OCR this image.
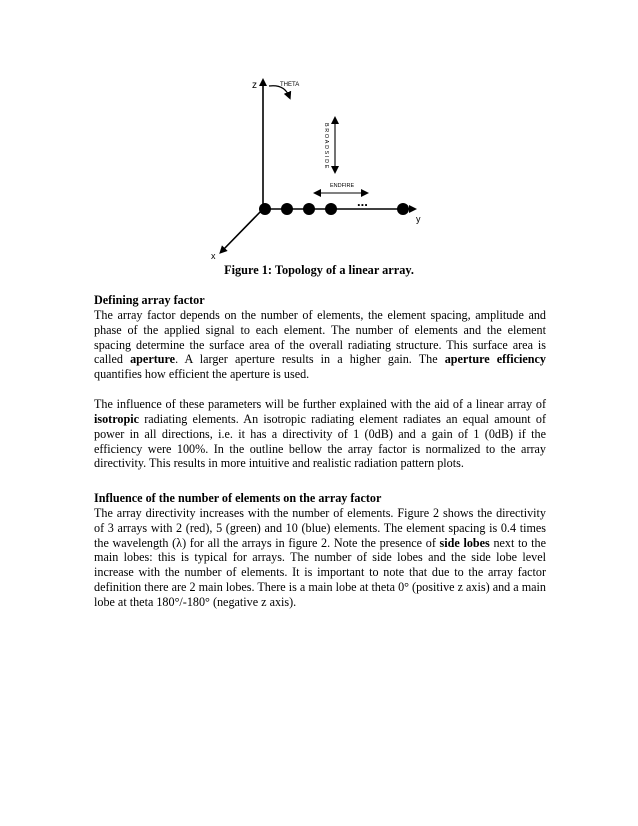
z
y
x
THETA
BROADSIDE
ENDFIRE
...
Figure 1: Topology of a linear array.

Defining array factor
The array factor depends on the number of elements, the element spacing, amplitude and phase of the applied signal to each element. The number of elements and the element spacing determine the surface area of the overall radiating structure. This surface area is called aperture. A larger aperture results in a higher gain. The aperture efficiency quantifies how efficient the aperture is used.

The influence of these parameters will be further explained with the aid of a linear array of isotropic radiating elements. An isotropic radiating element radiates an equal amount of power in all directions, i.e. it has a directivity of 1 (0dB) and a gain of 1 (0dB) if the efficiency were 100%. In the outline bellow the array factor is normalized to the array directivity. This results in more intuitive and realistic radiation pattern plots.

Influence of the number of elements on the array factor
The array directivity increases with the number of elements. Figure 2 shows the directivity of 3 arrays with 2 (red), 5 (green) and 10 (blue) elements. The element spacing is 0.4 times the wavelength (λ) for all the arrays in figure 2. Note the presence of side lobes next to the main lobes: this is typical for arrays. The number of side lobes and the side lobe level increase with the number of elements. It is important to note that due to the array factor definition there are 2 main lobes. There is a main lobe at theta 0° (positive z axis) and a main lobe at theta 180°/-180° (negative z axis).
